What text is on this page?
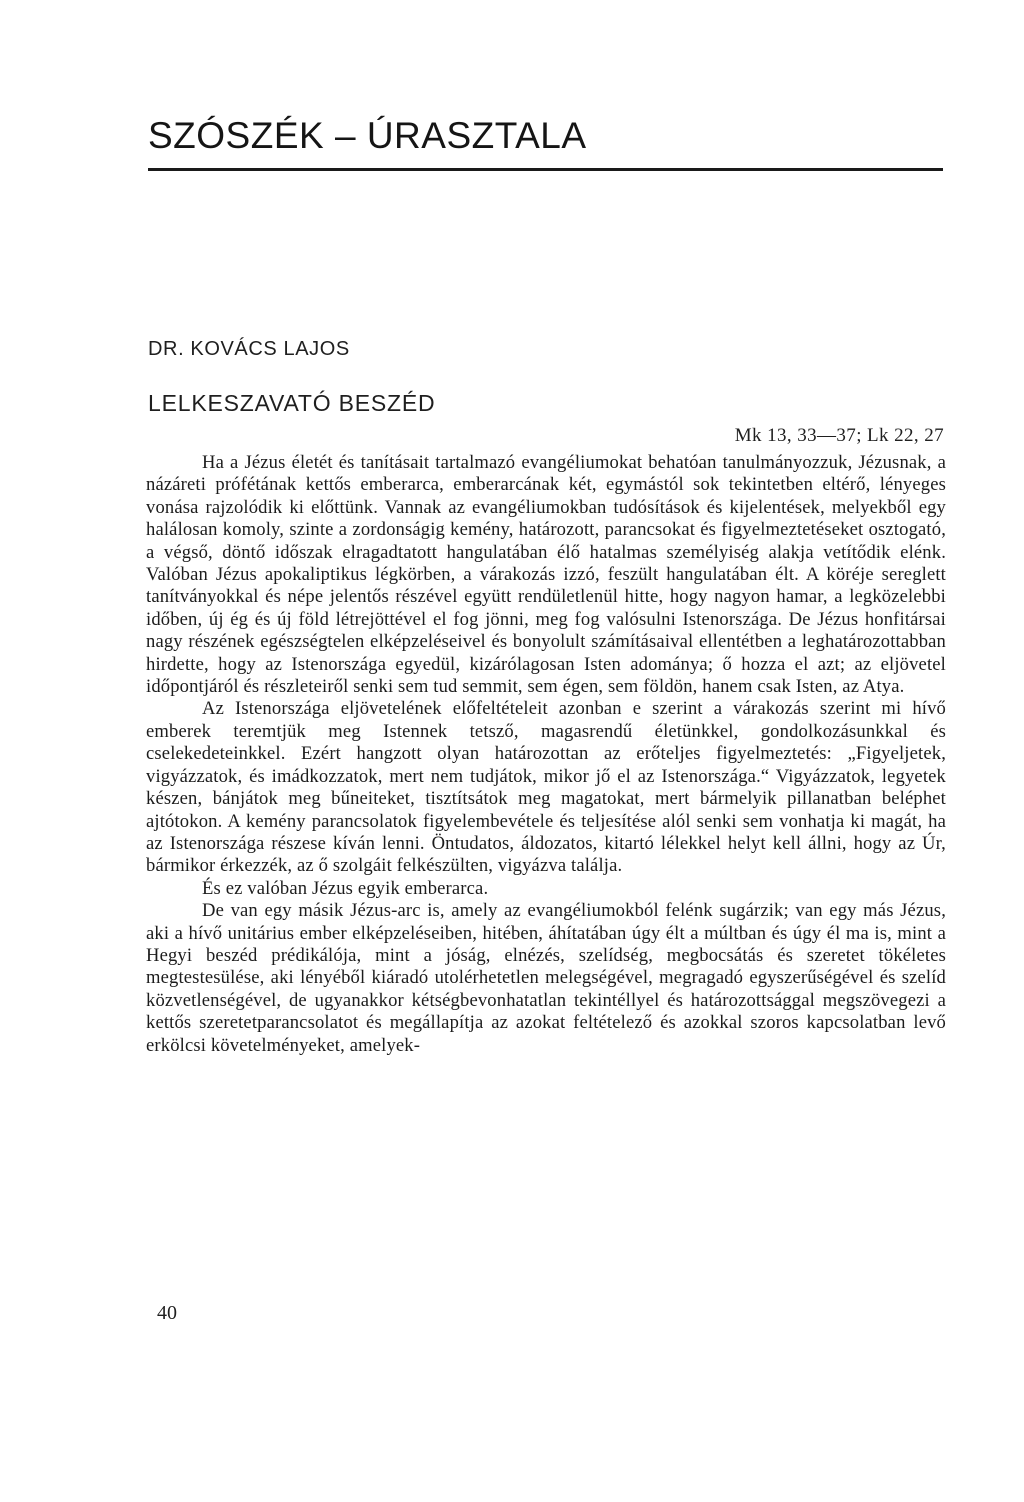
SZÓSZÉK – ÚRASZTALA
DR. KOVÁCS LAJOS
LELKESZAVATÓ BESZÉD
Mk 13, 33—37; Lk 22, 27

Ha a Jézus életét és tanításait tartalmazó evangéliumokat behatóan tanulmányozzuk, Jézusnak, a názáreti prófétának kettős emberarca, emberarcának két, egymástól sok tekintetben eltérő, lényeges vonása rajzolódik ki előttünk. Vannak az evangéliumokban tudósítások és kijelentések, melyekből egy halálosan komoly, szinte a zordonságig kemény, határozott, parancsokat és figyelmeztetéseket osztogató, a végső, döntő időszak elragadtatott hangulatában élő hatalmas személyiség alakja vetítődik elénk. Valóban Jézus apokaliptikus légkörben, a várakozás izzó, feszült hangulatában élt. A köréje sereglett tanítványokkal és népe jelentős részével együtt rendületlenül hitte, hogy nagyon hamar, a legközelebbi időben, új ég és új föld létrejöttével el fog jönni, meg fog valósulni Istenországa. De Jézus honfitársai nagy részének egészségtelen elképzeléseivel és bonyolult számításaival ellentétben a leghatározottabban hirdette, hogy az Istenországa egyedül, kizárólagosan Isten adománya; ő hozza el azt; az eljövetel időpontjáról és részleteiről senki sem tud semmit, sem égen, sem földön, hanem csak Isten, az Atya.

Az Istenországa eljövetelének előfeltételeit azonban e szerint a várakozás szerint mi hívő emberek teremtjük meg Istennek tetsző, magasrendű életünkkel, gondolkozásunkkal és cselekedeteinkkel. Ezért hangzott olyan határozottan az erőteljes figyelmeztetés: „Figyeljetek, vigyázzatok, és imádkozzatok, mert nem tudjátok, mikor jő el az Istenországa.“ Vigyázzatok, legyetek készen, bánjátok meg bűneiteket, tisztítsátok meg magatokat, mert bármelyik pillanatban beléphet ajtótokon. A kemény parancsolatok figyelembevétele és teljesítése alól senki sem vonhatja ki magát, ha az Istenországa részese kíván lenni. Öntudatos, áldozatos, kitartó lélekkel helyt kell állni, hogy az Úr, bármikor érkezzék, az ő szolgáit felkészülten, vigyázva találja.

És ez valóban Jézus egyik emberarca.

De van egy másik Jézus-arc is, amely az evangéliumokból felénk sugárzik; van egy más Jézus, aki a hívő unitárius ember elképzeléseiben, hitében, áhítatában úgy élt a múltban és úgy él ma is, mint a Hegyi beszéd prédikálója, mint a jóság, elnézés, szelídség, megbocsátás és szeretet tökéletes megtestesülése, aki lényéből kiáradó utolérhetetlen melegségével, megragadó egyszerűségével és szelíd közvetlenségével, de ugyanakkor kétségbevonhatatlan tekintéllyel és határozottsággal megszövegezi a kettős szeretetparancsolatot és megállapítja az azokat feltételező és azokkal szoros kapcsolatban levő erkölcsi követelményeket, amelyek-

40
